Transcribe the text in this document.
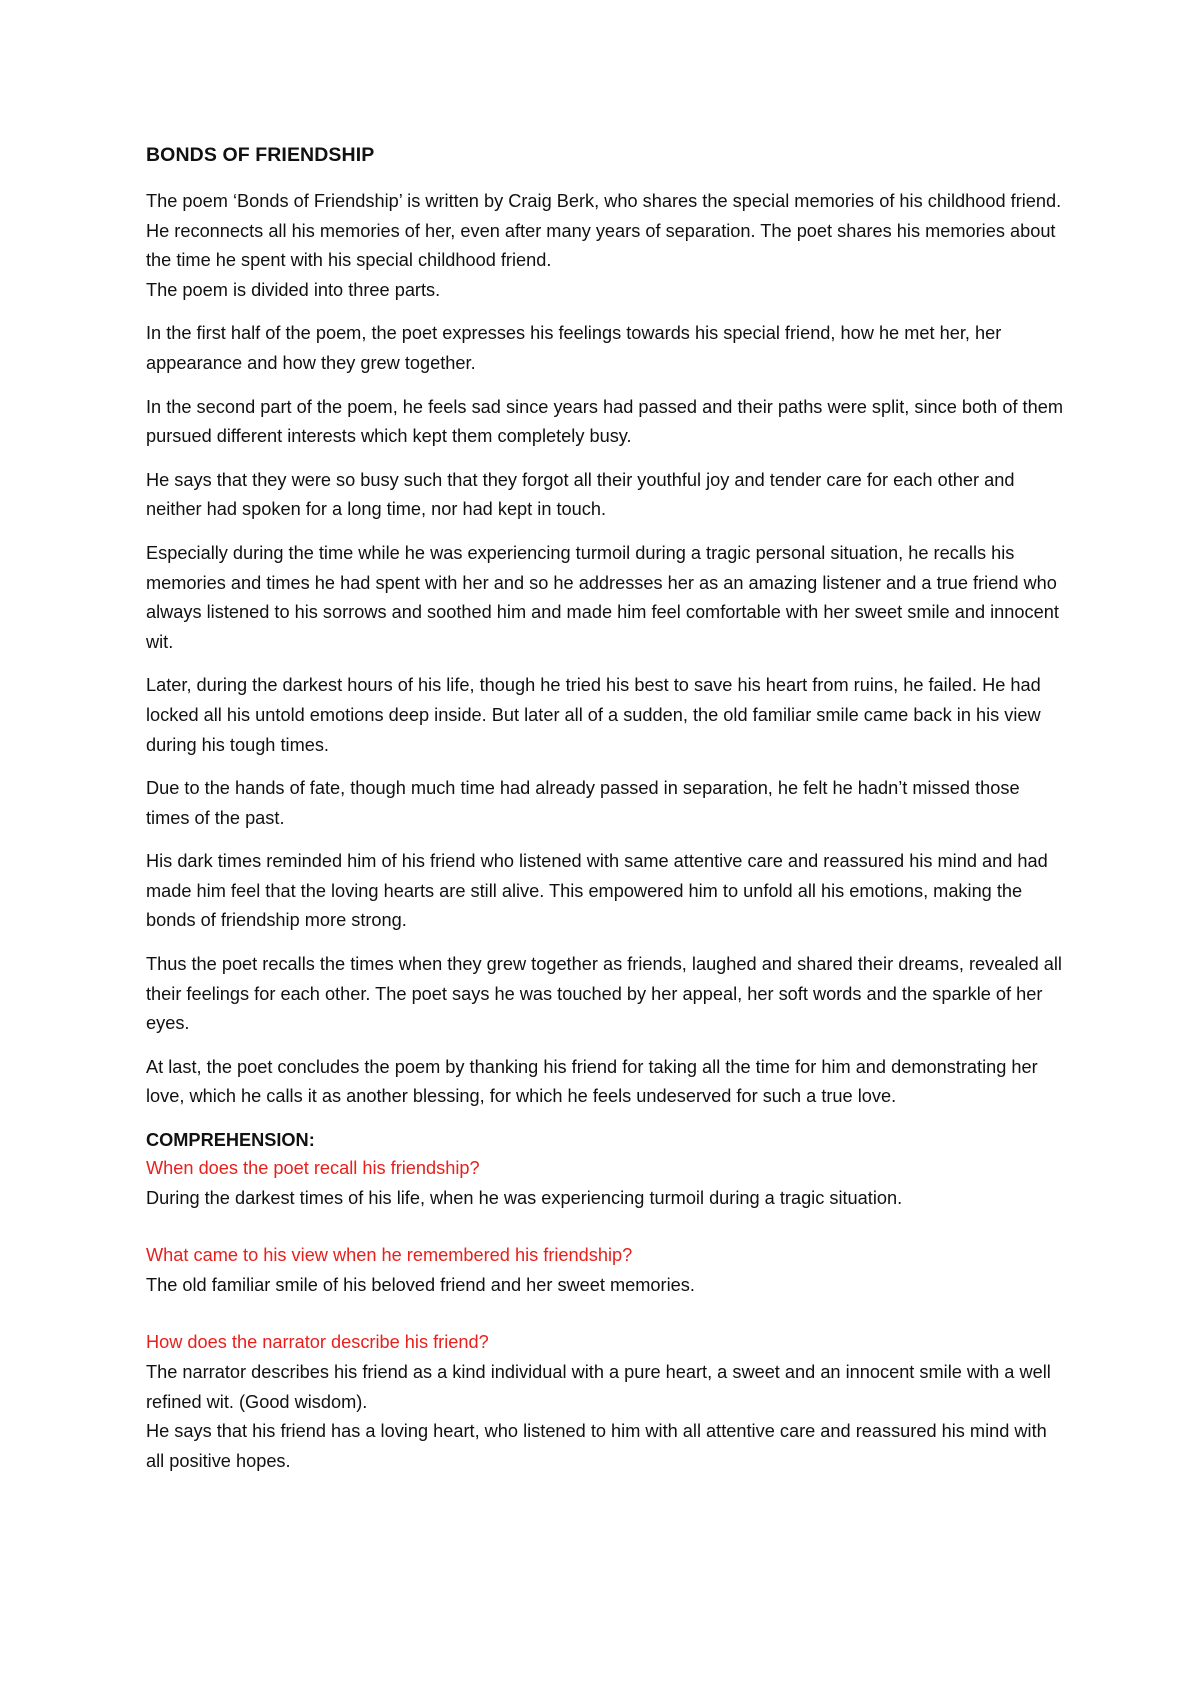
BONDS OF FRIENDSHIP
The poem ‘Bonds of Friendship’ is written by Craig Berk, who shares the special memories of his childhood friend.
He reconnects all his memories of her, even after many years of separation. The poet shares his memories about the time he spent with his special childhood friend.
The poem is divided into three parts.

In the first half of the poem, the poet expresses his feelings towards his special friend, how he met her, her appearance and how they grew together.

In the second part of the poem, he feels sad since years had passed and their paths were split, since both of them pursued different interests which kept them completely busy.

He says that they were so busy such that they forgot all their youthful joy and tender care for each other and neither had spoken for a long time, nor had kept in touch.

Especially during the time while he was experiencing turmoil during a tragic personal situation, he recalls his memories and times he had spent with her and so he addresses her as an amazing listener and a true friend who always listened to his sorrows and soothed him and made him feel comfortable with her sweet smile and innocent wit.

Later, during the darkest hours of his life, though he tried his best to save his heart from ruins, he failed. He had locked all his untold emotions deep inside. But later all of a sudden, the old familiar smile came back in his view during his tough times.

Due to the hands of fate, though much time had already passed in separation, he felt he hadn’t missed those times of the past.

His dark times reminded him of his friend who listened with same attentive care and reassured his mind and had made him feel that the loving hearts are still alive. This empowered him to unfold all his emotions, making the bonds of friendship more strong.

Thus the poet recalls the times when they grew together as friends, laughed and shared their dreams, revealed all their feelings for each other. The poet says he was touched by her appeal, her soft words and the sparkle of her eyes.

At last, the poet concludes the poem by thanking his friend for taking all the time for him and demonstrating her love, which he calls it as another blessing, for which he feels undeserved for such a true love.

COMPREHENSION:
When does the poet recall his friendship?
During the darkest times of his life, when he was experiencing turmoil during a tragic situation.
What came to his view when he remembered his friendship?
The old familiar smile of his beloved friend and her sweet memories.
How does the narrator describe his friend?
The narrator describes his friend as a kind individual with a pure heart, a sweet and an innocent smile with a well refined wit. (Good wisdom).
He says that his friend has a loving heart, who listened to him with all attentive care and reassured his mind with all positive hopes.
